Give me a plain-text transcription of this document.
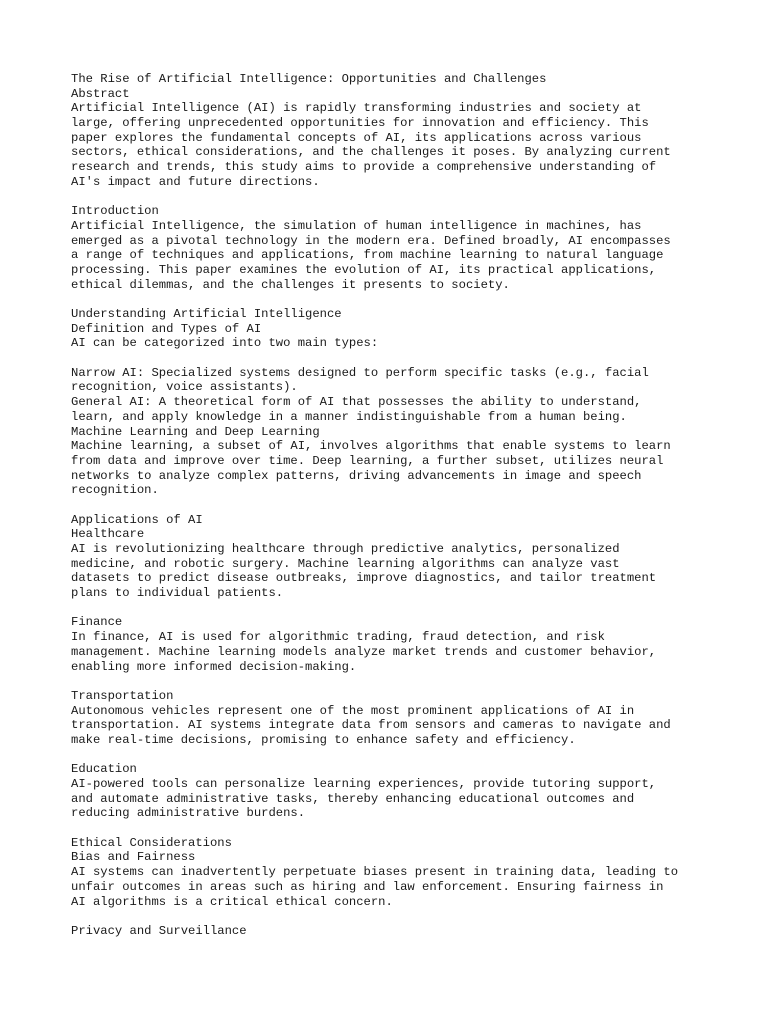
The Rise of Artificial Intelligence: Opportunities and Challenges
Abstract
Artificial Intelligence (AI) is rapidly transforming industries and society at
large, offering unprecedented opportunities for innovation and efficiency. This
paper explores the fundamental concepts of AI, its applications across various
sectors, ethical considerations, and the challenges it poses. By analyzing current
research and trends, this study aims to provide a comprehensive understanding of
AI's impact and future directions.
Introduction
Artificial Intelligence, the simulation of human intelligence in machines, has
emerged as a pivotal technology in the modern era. Defined broadly, AI encompasses
a range of techniques and applications, from machine learning to natural language
processing. This paper examines the evolution of AI, its practical applications,
ethical dilemmas, and the challenges it presents to society.
Understanding Artificial Intelligence
Definition and Types of AI
AI can be categorized into two main types:
Narrow AI: Specialized systems designed to perform specific tasks (e.g., facial
recognition, voice assistants).
General AI: A theoretical form of AI that possesses the ability to understand,
learn, and apply knowledge in a manner indistinguishable from a human being.
Machine Learning and Deep Learning
Machine learning, a subset of AI, involves algorithms that enable systems to learn
from data and improve over time. Deep learning, a further subset, utilizes neural
networks to analyze complex patterns, driving advancements in image and speech
recognition.
Applications of AI
Healthcare
AI is revolutionizing healthcare through predictive analytics, personalized
medicine, and robotic surgery. Machine learning algorithms can analyze vast
datasets to predict disease outbreaks, improve diagnostics, and tailor treatment
plans to individual patients.
Finance
In finance, AI is used for algorithmic trading, fraud detection, and risk
management. Machine learning models analyze market trends and customer behavior,
enabling more informed decision-making.
Transportation
Autonomous vehicles represent one of the most prominent applications of AI in
transportation. AI systems integrate data from sensors and cameras to navigate and
make real-time decisions, promising to enhance safety and efficiency.
Education
AI-powered tools can personalize learning experiences, provide tutoring support,
and automate administrative tasks, thereby enhancing educational outcomes and
reducing administrative burdens.
Ethical Considerations
Bias and Fairness
AI systems can inadvertently perpetuate biases present in training data, leading to
unfair outcomes in areas such as hiring and law enforcement. Ensuring fairness in
AI algorithms is a critical ethical concern.
Privacy and Surveillance
